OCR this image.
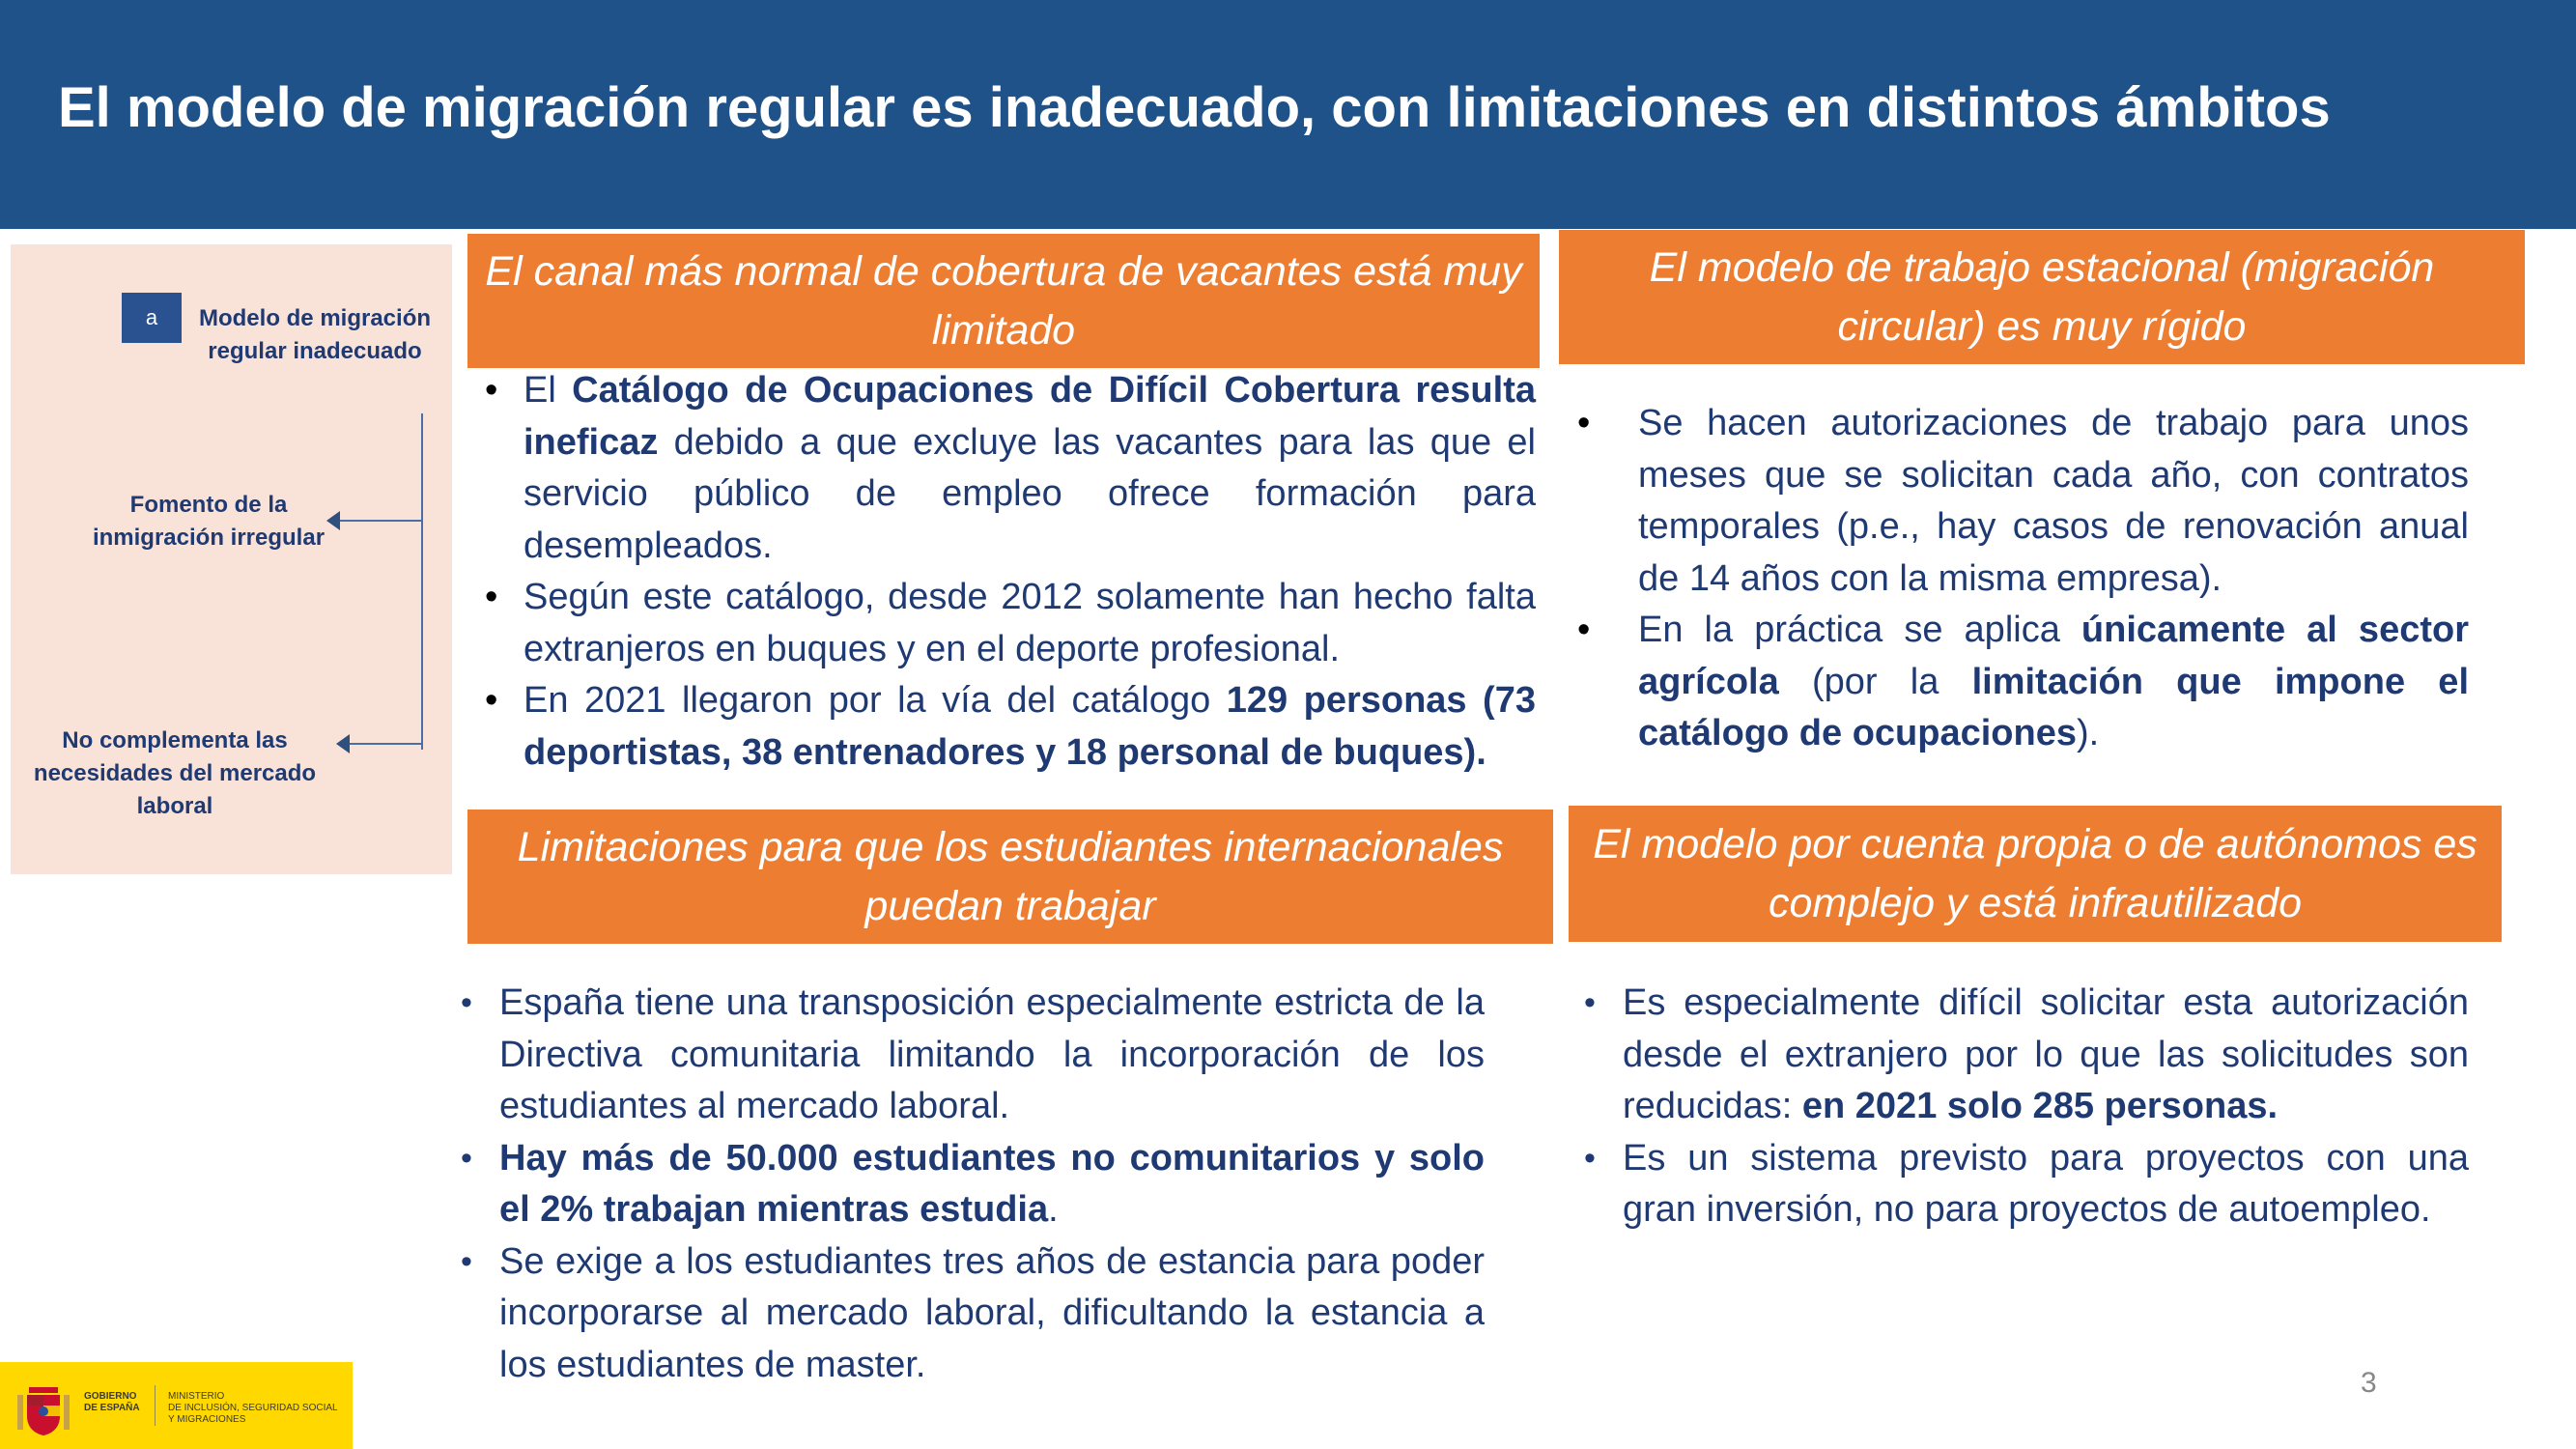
El modelo de migración regular es inadecuado, con limitaciones en distintos ámbitos
a	Modelo de migración regular inadecuado
Fomento de la inmigración irregular
No complementa las necesidades del mercado laboral
El canal más normal de cobertura de vacantes está muy limitado
• El Catálogo de Ocupaciones de Difícil Cobertura resulta ineficaz debido a que excluye las vacantes para las que el servicio público de empleo ofrece formación para desempleados.
• Según este catálogo, desde 2012 solamente han hecho falta extranjeros en buques y en el deporte profesional.
• En 2021 llegaron por la vía del catálogo 129 personas (73 deportistas, 38 entrenadores y 18 personal de buques).
El modelo de trabajo estacional (migración circular) es muy rígido
• Se hacen autorizaciones de trabajo para unos meses que se solicitan cada año, con contratos temporales (p.e., hay casos de renovación anual de 14 años con la misma empresa).
• En la práctica se aplica únicamente al sector agrícola (por la limitación que impone el catálogo de ocupaciones).
Limitaciones para que los estudiantes internacionales puedan trabajar
• España tiene una transposición especialmente estricta de la Directiva comunitaria limitando la incorporación de los estudiantes al mercado laboral.
• Hay más de 50.000 estudiantes no comunitarios y solo el 2% trabajan mientras estudia.
• Se exige a los estudiantes tres años de estancia para poder incorporarse al mercado laboral, dificultando la estancia a los estudiantes de master.
El modelo por cuenta propia o de autónomos es complejo y está infrautilizado
• Es especialmente difícil solicitar esta autorización desde el extranjero por lo que las solicitudes son reducidas: en 2021 solo 285 personas.
• Es un sistema previsto para proyectos con una gran inversión, no para proyectos de autoempleo.
GOBIERNO
DE ESPAÑA
MINISTERIO
DE INCLUSIÓN, SEGURIDAD SOCIAL
Y MIGRACIONES
3
